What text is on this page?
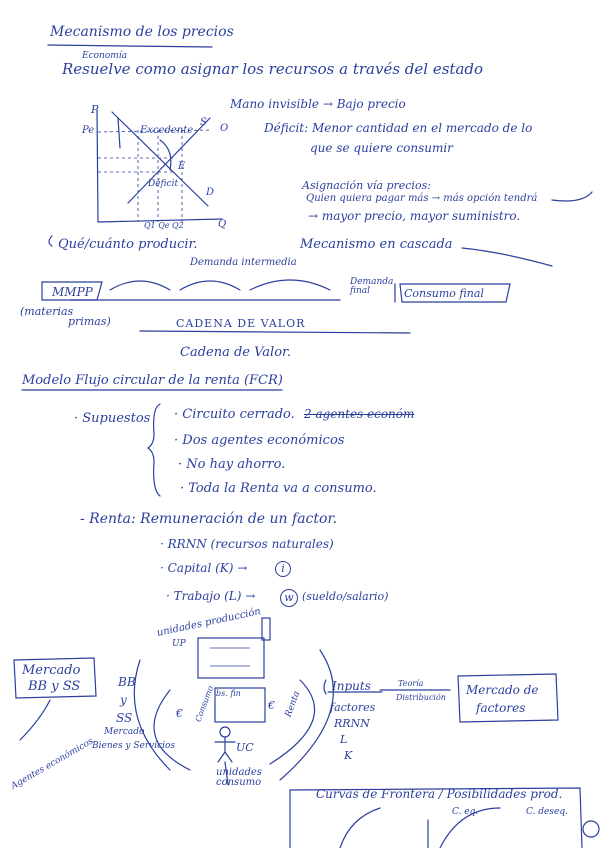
Mecanismo de los precios
Economía
Resuelve como asignar los recursos a través del estado
P
Pe	Excedente
S
O
E
Déficit
D
Q1 Qe Q2	Q
Mano invisible → Bajo precio
Déficit: Menor cantidad en el mercado de lo
que se quiere consumir
Asignación vía precios:
Quien quiera pagar más → más opción tendrá
→ mayor precio, mayor suministro.
Qué/cuánto producir.	Mecanismo en cascada
Demanda intermedia
MMPP
(materias
primas)
Demanda final	Consumo final
CADENA DE VALOR
Cadena de Valor.
Modelo Flujo circular de la renta (FCR)
· Supuestos · Circuito cerrado. 2 agentes económ
· Dos agentes económicos
· No hay ahorro.
· Toda la Renta va a consumo.
- Renta: Remuneración de un factor.
· RRNN (recursos naturales)
· Capital (K) →	i
· Trabajo (L) →	w (sueldo/salario)
unidades producción
UP
Mercado
BB y SS	BB
y
SS
Mercado
Bienes y Servicios
Agentes económicos
bs. fin
Consumo	Renta
€
€
UC
unidades consumo
Inputs
factores
RRNN
L
K
Teoría
Distribución
Mercado de
factores
Curvas de Frontera / Posibilidades prod.
C. eq.	C. deseq.
